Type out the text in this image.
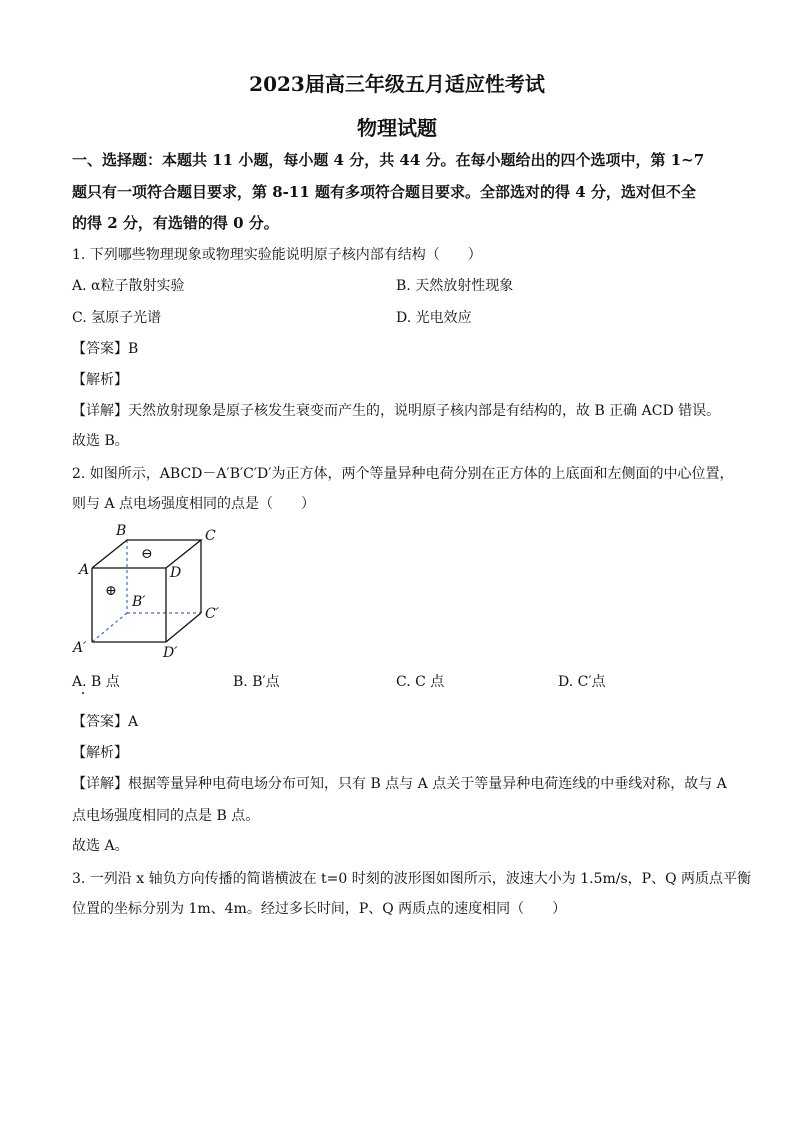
2023届高三年级五月适应性考试
物理试题
一、选择题：本题共 11 小题，每小题 4 分，共 44 分。在每小题给出的四个选项中，第 1~7
题只有一项符合题目要求，第 8-11 题有多项符合题目要求。全部选对的得 4 分，选对但不全
的得 2 分，有选错的得 0 分。
1. 下列哪些物理现象或物理实验能说明原子核内部有结构（　　）
A. α粒子散射实验	B. 天然放射性现象
C. 氢原子光谱	D. 光电效应
【答案】B
【解析】
【详解】天然放射现象是原子核发生衰变而产生的，说明原子核内部是有结构的，故 B 正确 ACD 错误。
故选 B。
2. 如图所示，ABCD－A′B′C′D′为正方体，两个等量异种电荷分别在正方体的上底面和左侧面的中心位置，
则与 A 点电场强度相同的点是（　　）
B	C
A	D
B′
C′
A′	D′
⊖
⊕
A. B 点	B. B′点	C. C 点	D. C′点
【答案】A
【解析】
【详解】根据等量异种电荷电场分布可知，只有 B 点与 A 点关于等量异种电荷连线的中垂线对称，故与 A
点电场强度相同的点是 B 点。
故选 A。
3. 一列沿 x 轴负方向传播的简谐横波在 t=0 时刻的波形图如图所示，波速大小为 1.5m/s，P、Q 两质点平衡
位置的坐标分别为 1m、4m。经过多长时间，P、Q 两质点的速度相同（　　）
